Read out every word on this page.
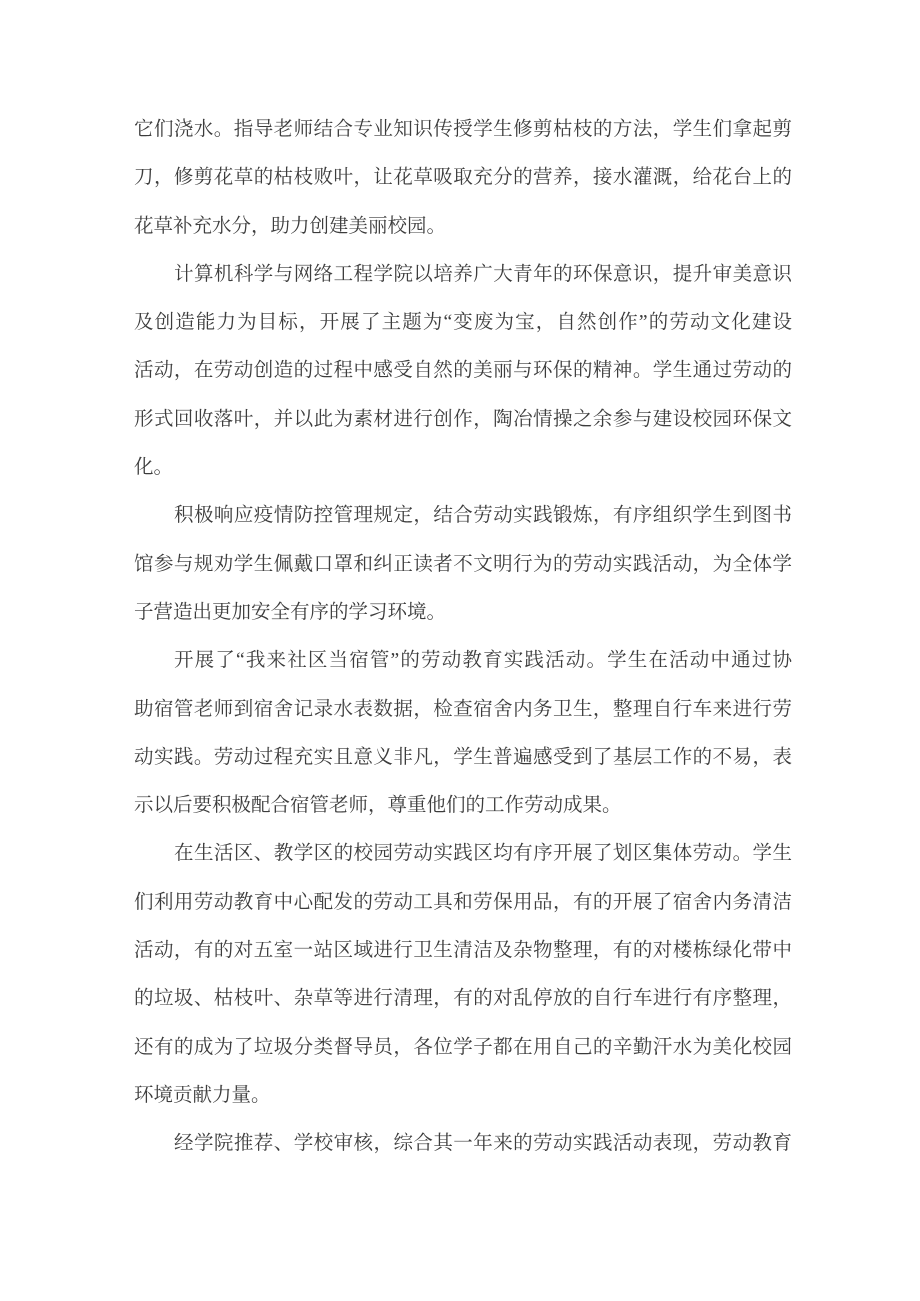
它们浇水。指导老师结合专业知识传授学生修剪枯枝的方法，学生们拿起剪
刀，修剪花草的枯枝败叶，让花草吸取充分的营养，接水灌溉，给花台上的
花草补充水分，助力创建美丽校园。
计算机科学与网络工程学院以培养广大青年的环保意识，提升审美意识
及创造能力为目标，开展了主题为“变废为宝，自然创作”的劳动文化建设
活动，在劳动创造的过程中感受自然的美丽与环保的精神。学生通过劳动的
形式回收落叶，并以此为素材进行创作，陶冶情操之余参与建设校园环保文
化。
积极响应疫情防控管理规定，结合劳动实践锻炼，有序组织学生到图书
馆参与规劝学生佩戴口罩和纠正读者不文明行为的劳动实践活动，为全体学
子营造出更加安全有序的学习环境。
开展了“我来社区当宿管”的劳动教育实践活动。学生在活动中通过协
助宿管老师到宿舍记录水表数据，检查宿舍内务卫生，整理自行车来进行劳
动实践。劳动过程充实且意义非凡，学生普遍感受到了基层工作的不易，表
示以后要积极配合宿管老师，尊重他们的工作劳动成果。
在生活区、教学区的校园劳动实践区均有序开展了划区集体劳动。学生
们利用劳动教育中心配发的劳动工具和劳保用品，有的开展了宿舍内务清洁
活动，有的对五室一站区域进行卫生清洁及杂物整理，有的对楼栋绿化带中
的垃圾、枯枝叶、杂草等进行清理，有的对乱停放的自行车进行有序整理，
还有的成为了垃圾分类督导员，各位学子都在用自己的辛勤汗水为美化校园
环境贡献力量。
经学院推荐、学校审核，综合其一年来的劳动实践活动表现，劳动教育
